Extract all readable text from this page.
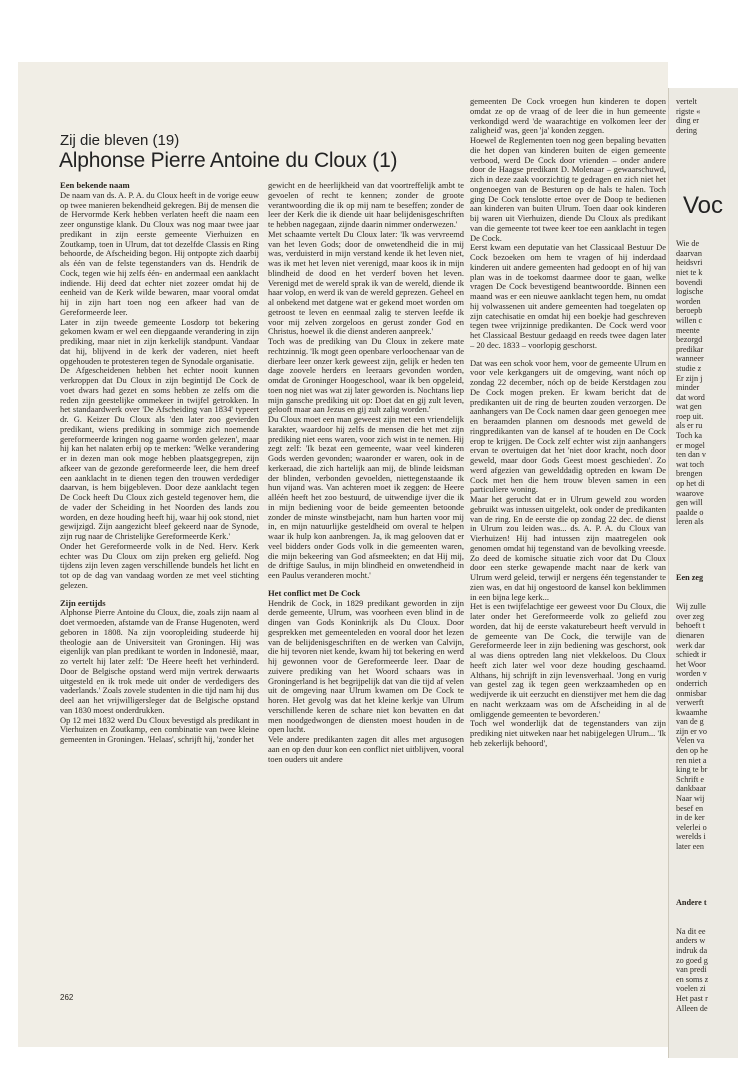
Zij die bleven (19)
Alphonse Pierre Antoine du Cloux (1)
Een bekende naam

De naam van ds. A. P. A. du Cloux heeft in de vorige eeuw op twee manieren bekendheid gekregen. Bij de mensen die de Hervormde Kerk hebben verlaten heeft die naam een zeer ongunstige klank. Du Cloux was nog maar twee jaar predikant in zijn eerste gemeente Vierhuizen en Zoutkamp, toen in Ulrum, dat tot dezelfde Classis en Ring behoorde, de Afscheiding begon. Hij ontpopte zich daarbij als één van de felste tegenstanders van ds. Hendrik de Cock, tegen wie hij zelfs één- en andermaal een aanklacht indiende. Hij deed dat echter niet zozeer omdat hij de eenheid van de Kerk wilde bewaren, maar vooral omdat hij in zijn hart toen nog een afkeer had van de Gereformeerde leer.

Later in zijn tweede gemeente Losdorp tot bekering gekomen kwam er wel een diepgaande verandering in zijn prediking, maar niet in zijn kerkelijk standpunt. Vandaar dat hij, blijvend in de kerk der vaderen, niet heeft opgehouden te protesteren tegen de Synodale organisatie.

De Afgescheidenen hebben het echter nooit kunnen verkroppen dat Du Cloux in zijn begintijd De Cock de voet dwars had gezet en soms hebben ze zelfs om die reden zijn geestelijke ommekeer in twijfel getrokken. In het standaardwerk over 'De Afscheiding van 1834' typeert dr. G. Keizer Du Cloux als 'den later zoo gevierden predikant, wiens prediking in sommige zich noemende gereformeerde kringen nog gaarne worden gelezen', maar hij kan het nalaten erbij op te merken: 'Welke verandering er in dezen man ook moge hebben plaatsgegrepen, zijn afkeer van de gezonde gereformeerde leer, die hem dreef een aanklacht in te dienen tegen den trouwen verdediger daarvan, is hem bijgebleven. Door deze aanklacht tegen De Cock heeft Du Cloux zich gesteld tegenover hem, die de vader der Scheiding in het Noorden des lands zou worden, en deze houding heeft hij, waar hij ook stond, niet gewijzigd. Zijn aangezicht bleef gekeerd naar de Synode, zijn rug naar de Christelijke Gereformeerde Kerk.'

Onder het Gereformeerde volk in de Ned. Herv. Kerk echter was Du Cloux om zijn preken erg geliefd. Nog tijdens zijn leven zagen verschillende bundels het licht en tot op de dag van vandaag worden ze met veel stichting gelezen.

Zijn eertijds

Alphonse Pierre Antoine du Cloux, die, zoals zijn naam al doet vermoeden, afstamde van de Franse Hugenoten, werd geboren in 1808. Na zijn vooropleiding studeerde hij theologie aan de Universiteit van Groningen. Hij was eigenlijk van plan predikant te worden in Indonesië, maar, zo vertelt hij later zelf: 'De Heere heeft het verhinderd. Door de Belgische opstand werd mijn vertrek derwaarts uitgesteld en ik trok mede uit onder de verdedigers des vaderlands.' Zoals zovele studenten in die tijd nam hij dus deel aan het vrijwilligersleger dat de Belgische opstand van 1830 moest onderdrukken.

Op 12 mei 1832 werd Du Cloux bevestigd als predikant in Vierhuizen en Zoutkamp, een combinatie van twee kleine gemeenten in Groningen. 'Helaas', schrijft hij, 'zonder het

gewicht en de heerlijkheid van dat voortreffelijk ambt te gevoelen of recht te kennen; zonder de groote verantwoording die ik op mij nam te beseffen; zonder de leer der Kerk die ik diende uit haar belijdenisgeschriften te hebben nagegaan, zijnde daarin nimmer onderwezen.'

Met schaamte vertelt Du Cloux later: 'Ik was vervreemd van het leven Gods; door de onwetendheid die in mij was, verduisterd in mijn verstand kende ik het leven niet, was ik met het leven niet verenigd, maar koos ik in mijn blindheid de dood en het verderf boven het leven. Verenigd met de wereld sprak ik van de wereld, diende ik haar volop, en werd ik van de wereld geprezen. Geheel en al onbekend met datgene wat er gekend moet worden om getroost te leven en eenmaal zalig te sterven leefde ik voor mij zelven zorgeloos en gerust zonder God en Christus, hoewel ik die dienst anderen aanpreek.'

Toch was de prediking van Du Cloux in zekere mate rechtzinnig. 'Ik mogt geen openbare verloochenaar van de dierbare leer onzer kerk geweest zijn, gelijk er heden ten dage zoovele herders en leeraars gevonden worden, omdat de Groninger Hoogeschool, waar ik ben opgeleid, toen nog niet was wat zij later geworden is. Nochtans liep mijn gansche prediking uit op: Doet dat en gij zult leven, gelooft maar aan Jezus en gij zult zalig worden.'

Du Cloux moet een man geweest zijn met een vriendelijk karakter, waardoor hij zelfs de mensen die het met zijn prediking niet eens waren, voor zich wist in te nemen. Hij zegt zelf: 'Ik bezat een gemeente, waar veel kinderen Gods werden gevonden; waaronder er waren, ook in de kerkeraad, die zich hartelijk aan mij, de blinde leidsman der blinden, verbonden gevoelden, niettegenstaande ik hun vijand was. Van achteren moet ik zeggen: de Heere alléén heeft het zoo bestuurd, de uitwendige ijver die ik in mijn bediening voor de beide gemeenten betoonde zonder de minste winstbejacht, nam hun harten voor mij in, en mijn natuurlijke gesteldheid om overal te helpen waar ik hulp kon aanbrengen. Ja, ik mag gelooven dat er veel bidders onder Gods volk in die gemeenten waren, die mijn bekeering van God afsmeekten; en dat Hij mij, de driftige Saulus, in mijn blindheid en onwetendheid in een Paulus veranderen mocht.'

Het conflict met De Cock

Hendrik de Cock, in 1829 predikant geworden in zijn derde gemeente, Ulrum, was voorheen even blind in de dingen van Gods Koninkrijk als Du Cloux. Door gesprekken met gemeenteleden en vooral door het lezen van de belijdenisgeschriften en de werken van Calvijn, die hij tevoren niet kende, kwam hij tot bekering en werd hij gewonnen voor de Gereformeerde leer. Daar de zuivere prediking van het Woord schaars was in Groningerland is het begrijpelijk dat van die tijd af velen uit de omgeving naar Ulrum kwamen om De Cock te horen. Het gevolg was dat het kleine kerkje van Ulrum verschillende keren de schare niet kon bevatten en dat men noodgedwongen de diensten moest houden in de open lucht.

Vele andere predikanten zagen dit alles met argusogen aan en op den duur kon een conflict niet uitblijven, vooral toen ouders uit andere

gemeenten De Cock vroegen hun kinderen te dopen omdat ze op de vraag of de leer die in hun gemeente verkondigd werd 'de waarachtige en volkomen leer der zaligheid' was, geen 'ja' konden zeggen.

Hoewel de Reglementen toen nog geen bepaling bevatten die het dopen van kinderen buiten de eigen gemeente verbood, werd De Cock door vrienden – onder andere door de Haagse predikant D. Molenaar – gewaarschuwd, zich in deze zaak voorzichtig te gedragen en zich niet het ongenoegen van de Besturen op de hals te halen. Toch ging De Cock tenslotte ertoe over de Doop te bedienen aan kinderen van buiten Ulrum. Toen daar ook kinderen bij waren uit Vierhuizen, diende Du Cloux als predikant van die gemeente tot twee keer toe een aanklacht in tegen De Cock.

Eerst kwam een deputatie van het Classicaal Bestuur De Cock bezoeken om hem te vragen of hij inderdaad kinderen uit andere gemeenten had gedoopt en of hij van plan was in de toekomst daarmee door te gaan, welke vragen De Cock bevestigend beantwoordde. Binnen een maand was er een nieuwe aanklacht tegen hem, nu omdat hij volwassenen uit andere gemeenten had toegelaten op zijn catechisatie en omdat hij een boekje had geschreven tegen twee vrijzinnige predikanten. De Cock werd voor het Classicaal Bestuur gedaagd en reeds twee dagen later – 20 dec. 1833 – voorlopig geschorst.

Dat was een schok voor hem, voor de gemeente Ulrum en voor vele kerkgangers uit de omgeving, want nóch op zondag 22 december, nóch op de beide Kerstdagen zou De Cock mogen preken. Er kwam bericht dat de predikanten uit de ring de beurten zouden verzorgen. De aanhangers van De Cock namen daar geen genoegen mee en beraamden plannen om desnoods met geweld de ringpredikanten van de kansel af te houden en De Cock erop te krijgen. De Cock zelf echter wist zijn aanhangers ervan te overtuigen dat het 'niet door kracht, noch door geweld, maar door Gods Geest moest geschieden'. Zo werd afgezien van gewelddadig optreden en kwam De Cock met hen die hem trouw bleven samen in een particuliere woning.

Maar het gerucht dat er in Ulrum geweld zou worden gebruikt was intussen uitgelekt, ook onder de predikanten van de ring. En de eerste die op zondag 22 dec. de dienst in Ulrum zou leiden was... ds. A. P. A. du Cloux van Vierhuizen! Hij had intussen zijn maatregelen ook genomen omdat hij tegenstand van de bevolking vreesde. Zo deed de komische situatie zich voor dat Du Cloux door een sterke gewapende macht naar de kerk van Ulrum werd geleid, terwijl er nergens één tegenstander te zien was, en dat hij ongestoord de kansel kon beklimmen in een bijna lege kerk...

Het is een twijfelachtige eer geweest voor Du Cloux, die later onder het Gereformeerde volk zo geliefd zou worden, dat hij de eerste vakaturebeurt heeft vervuld in de gemeente van De Cock, die terwijle van de Gereformeerde leer in zijn bediening was geschorst, ook al was diens optreden lang niet vlekkeloos. Du Cloux heeft zich later wel voor deze houding geschaamd. Althans, hij schrijft in zijn levensverhaal. 'Jong en vurig van gestel zag ik tegen geen werkzaamheden op en wedijverde ik uit eerzucht en dienstijver met hem die dag en nacht werkzaam was om de Afscheiding in al de omliggende gemeenten te bevorderen.'

Toch wel wonderlijk dat de tegenstanders van zijn prediking niet uitweken naar het nabijgelegen Ulrum... 'Ik heb zekerlijk behoord',

262
vertelt
rigste «
ding er
dering
Voc

Wie de
daarvan
heidsvri
niet te k
bovendi
logische
worden
beroepb
willen c
meente
bezorgd
predikar
wanneer
studie z
Er zijn j
minder
dat word
wat gen
roep uit.
als er ru
Toch ka
er mogel
ten dan v
wat toch
brengen
op het di
waarove
gen will
paalde o
leren als

Een zeg

Wij zulle
over zeg
behoeft t
dienaren
werk dar
schiedt ir
het Woor
worden v
onderrich
onmisbar
verwerft
kwaamhe
van de g
zijn er vo
Velen va
den op he
ren niet a
king te br
Schrift e
dankbaar
Naar wij
besef en
in de ker
velerlei o
werelds i
later een

Andere t

Na dit ee
anders w
indruk da
zo goed g
van predi
en soms z
voelen zi
Het past r
Alleen de
